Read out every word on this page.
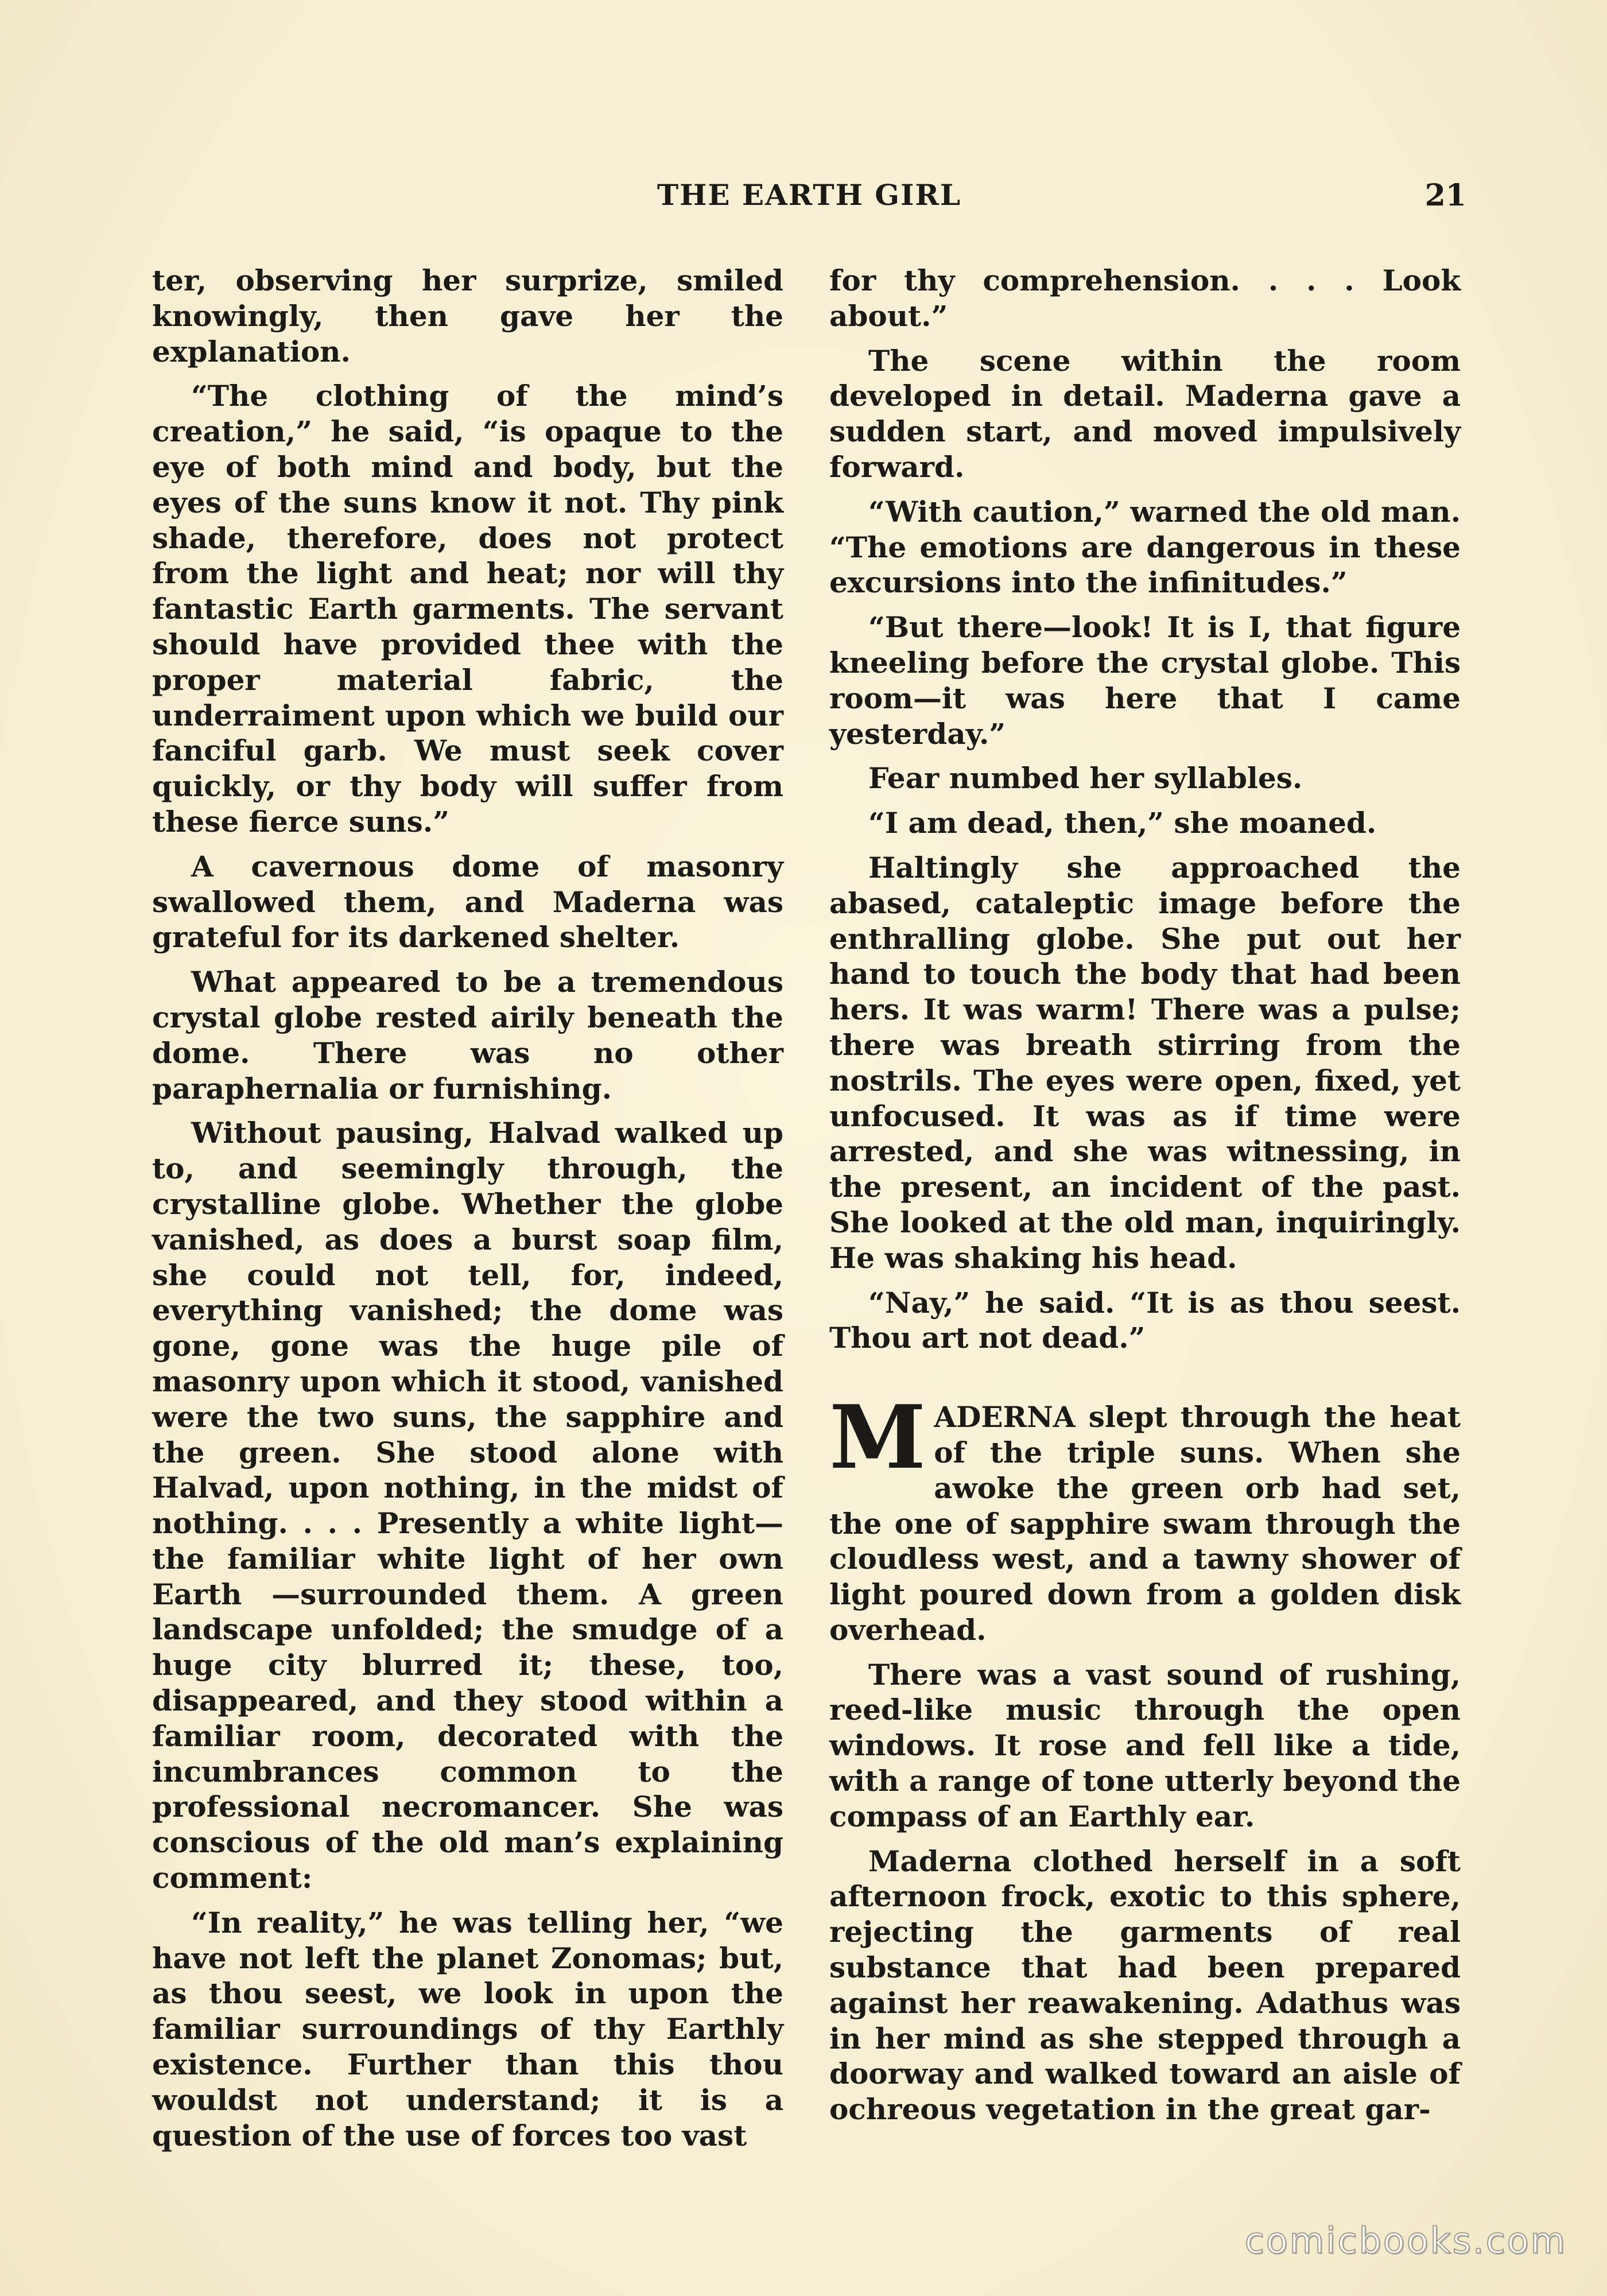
THE EARTH GIRL	21

ter, observing her surprize, smiled knowingly, then gave her the explanation.

“The clothing of the mind’s creation,” he said, “is opaque to the eye of both mind and body, but the eyes of the suns know it not. Thy pink shade, therefore, does not protect from the light and heat; nor will thy fantastic Earth garments. The servant should have provided thee with the proper material fabric, the underraiment upon which we build our fanciful garb. We must seek cover quickly, or thy body will suffer from these fierce suns.”

A cavernous dome of masonry swallowed them, and Maderna was grateful for its darkened shelter.

What appeared to be a tremendous crystal globe rested airily beneath the dome. There was no other paraphernalia or furnishing.

Without pausing, Halvad walked up to, and seemingly through, the crystalline globe. Whether the globe vanished, as does a burst soap film, she could not tell, for, indeed, everything vanished; the dome was gone, gone was the huge pile of masonry upon which it stood, vanished were the two suns, the sapphire and the green. She stood alone with Halvad, upon nothing, in the midst of nothing. . . . Presently a white light—the familiar white light of her own Earth —surrounded them. A green landscape unfolded; the smudge of a huge city blurred it; these, too, disappeared, and they stood within a familiar room, decorated with the incumbrances common to the professional necromancer. She was conscious of the old man’s explaining comment:

“In reality,” he was telling her, “we have not left the planet Zonomas; but, as thou seest, we look in upon the familiar surroundings of thy Earthly existence. Further than this thou wouldst not understand; it is a question of the use of forces too vast

for thy comprehension. . . . Look about.”

The scene within the room developed in detail. Maderna gave a sudden start, and moved impulsively forward.

“With caution,” warned the old man. “The emotions are dangerous in these excursions into the infinitudes.”

“But there—look! It is I, that figure kneeling before the crystal globe. This room—it was here that I came yesterday.”

Fear numbed her syllables.

“I am dead, then,” she moaned.

Haltingly she approached the abased, cataleptic image before the enthralling globe. She put out her hand to touch the body that had been hers. It was warm! There was a pulse; there was breath stirring from the nostrils. The eyes were open, fixed, yet unfocused. It was as if time were arrested, and she was witnessing, in the present, an incident of the past. She looked at the old man, inquiringly. He was shaking his head.

“Nay,” he said. “It is as thou seest. Thou art not dead.”

MADERNA slept through the heat of the triple suns. When she awoke the green orb had set, the one of sapphire swam through the cloudless west, and a tawny shower of light poured down from a golden disk overhead.

There was a vast sound of rushing, reed-like music through the open windows. It rose and fell like a tide, with a range of tone utterly beyond the compass of an Earthly ear.

Maderna clothed herself in a soft afternoon frock, exotic to this sphere, rejecting the garments of real substance that had been prepared against her reawakening. Adathus was in her mind as she stepped through a doorway and walked toward an aisle of ochreous vegetation in the great gar-

comicbooks.com
